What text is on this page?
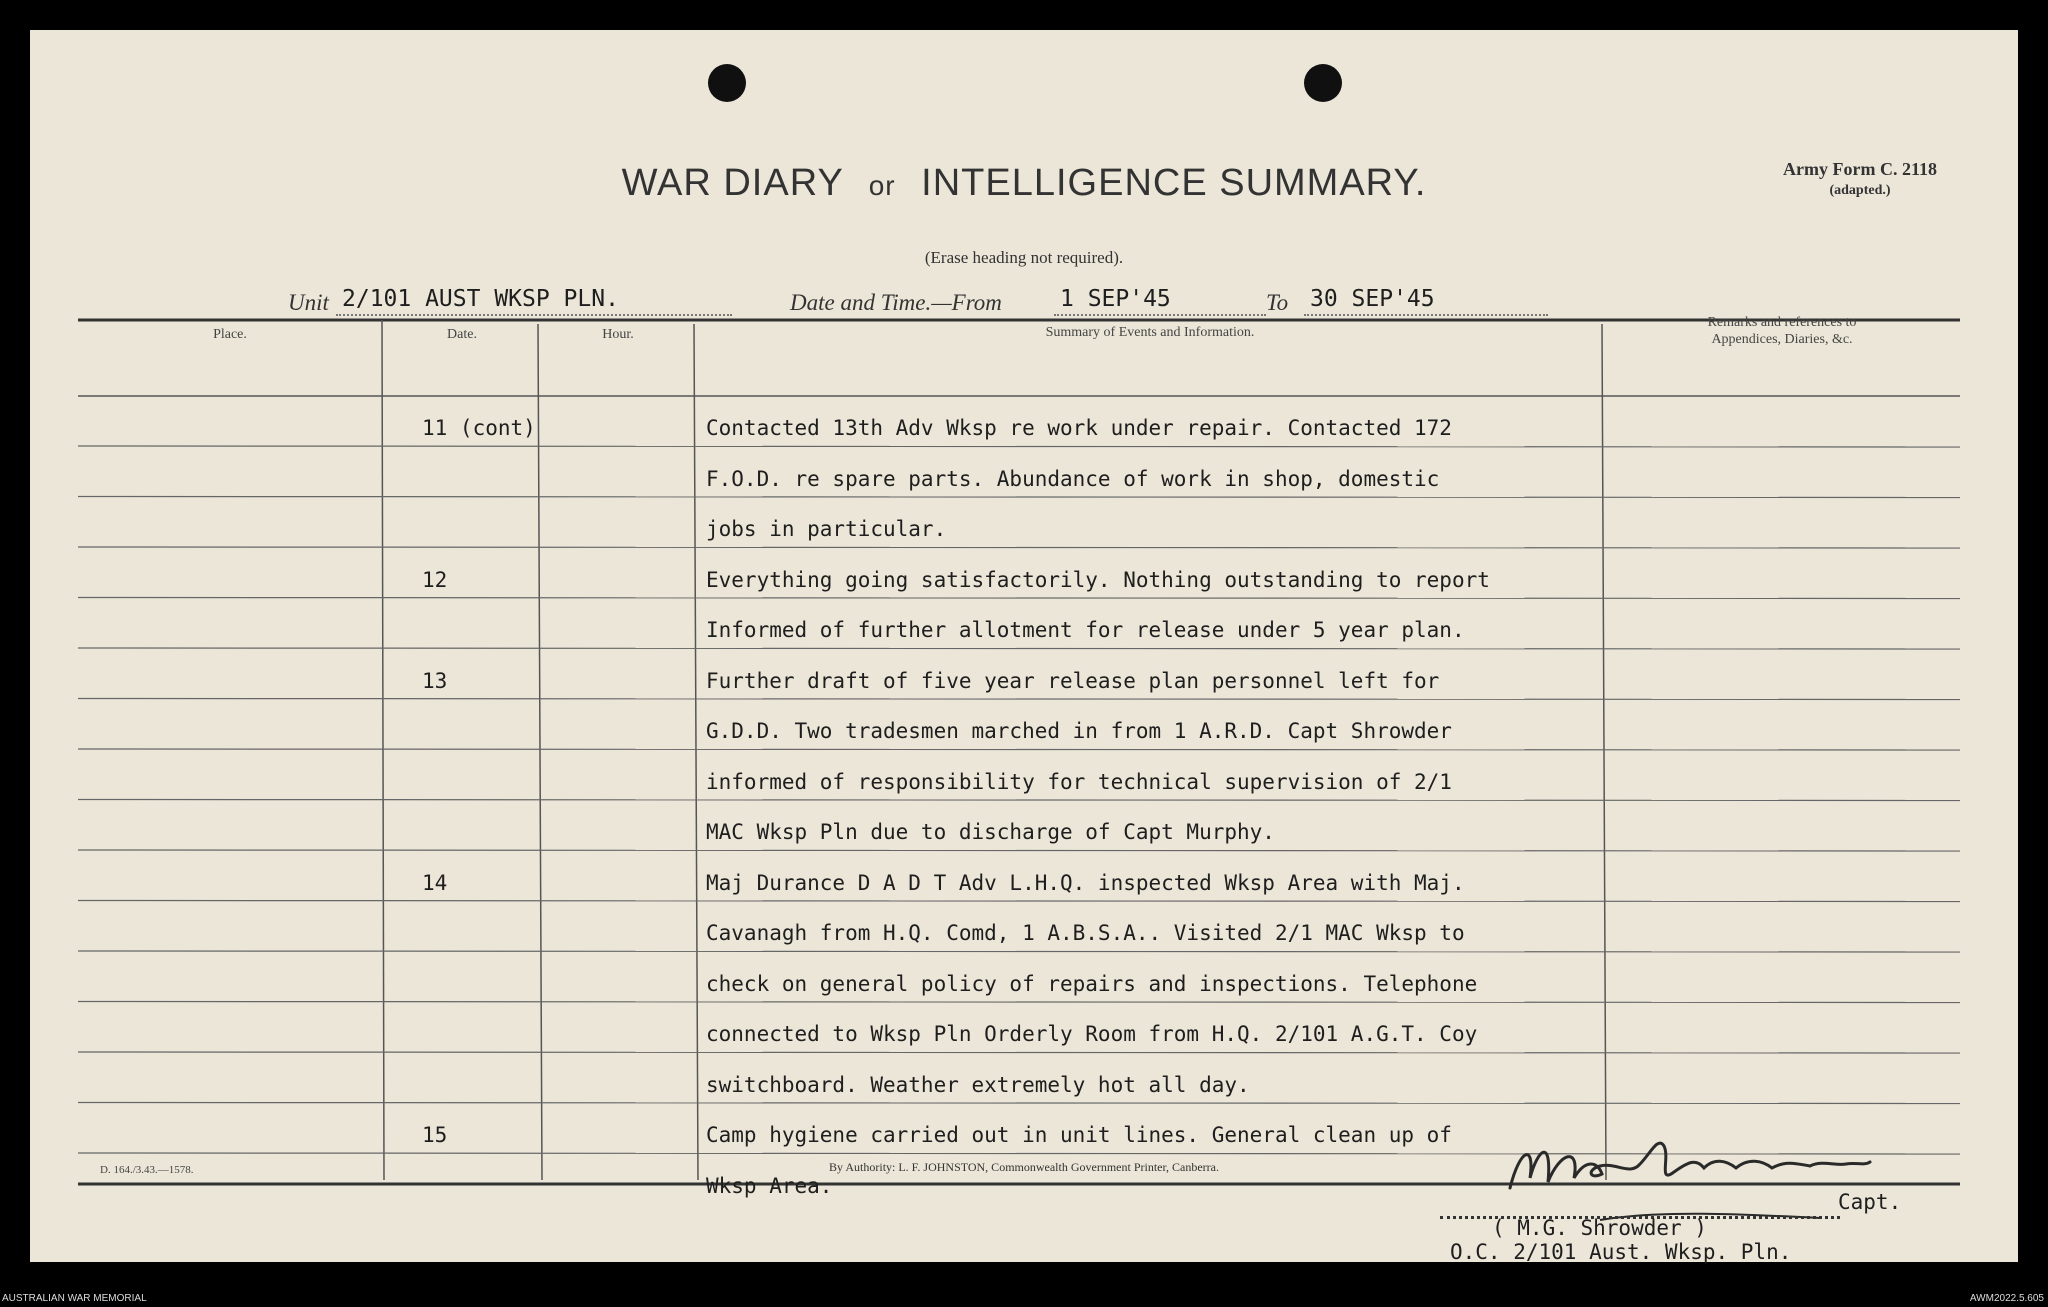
WAR DIARY or INTELLIGENCE SUMMARY.
(Erase heading not required).
Army Form C. 2118
(adapted.)
Unit 2/101 AUST WKSP PLN.	Date and Time.—From	1 SEP'45	To 30 SEP'45
Place.	Date.	Hour.	Summary of Events and Information.
Remarks and references to
Appendices, Diaries, &c.
11 (cont)	Contacted 13th Adv Wksp re work under repair. Contacted 172
F.O.D. re spare parts. Abundance of work in shop, domestic
jobs in particular.
12	Everything going satisfactorily. Nothing outstanding to report
Informed of further allotment for release under 5 year plan.
13	Further draft of five year release plan personnel left for
G.D.D. Two tradesmen marched in from 1 A.R.D. Capt Shrowder
informed of responsibility for technical supervision of 2/1
MAC Wksp Pln due to discharge of Capt Murphy.
14	Maj Durance D A D T Adv L.H.Q. inspected Wksp Area with Maj.
Cavanagh from H.Q. Comd, 1 A.B.S.A.. Visited 2/1 MAC Wksp to
check on general policy of repairs and inspections. Telephone
connected to Wksp Pln Orderly Room from H.Q. 2/101 A.G.T. Coy
switchboard. Weather extremely hot all day.
15	Camp hygiene carried out in unit lines. General clean up of
Wksp Area.
D. 164./3.43.—1578.	By Authority: L. F. JOHNSTON, Commonwealth Government Printer, Canberra.
Capt.
( M.G. Shrowder )
O.C. 2/101 Aust. Wksp. Pln.
AUSTRALIAN WAR MEMORIAL	AWM2022.5.605
